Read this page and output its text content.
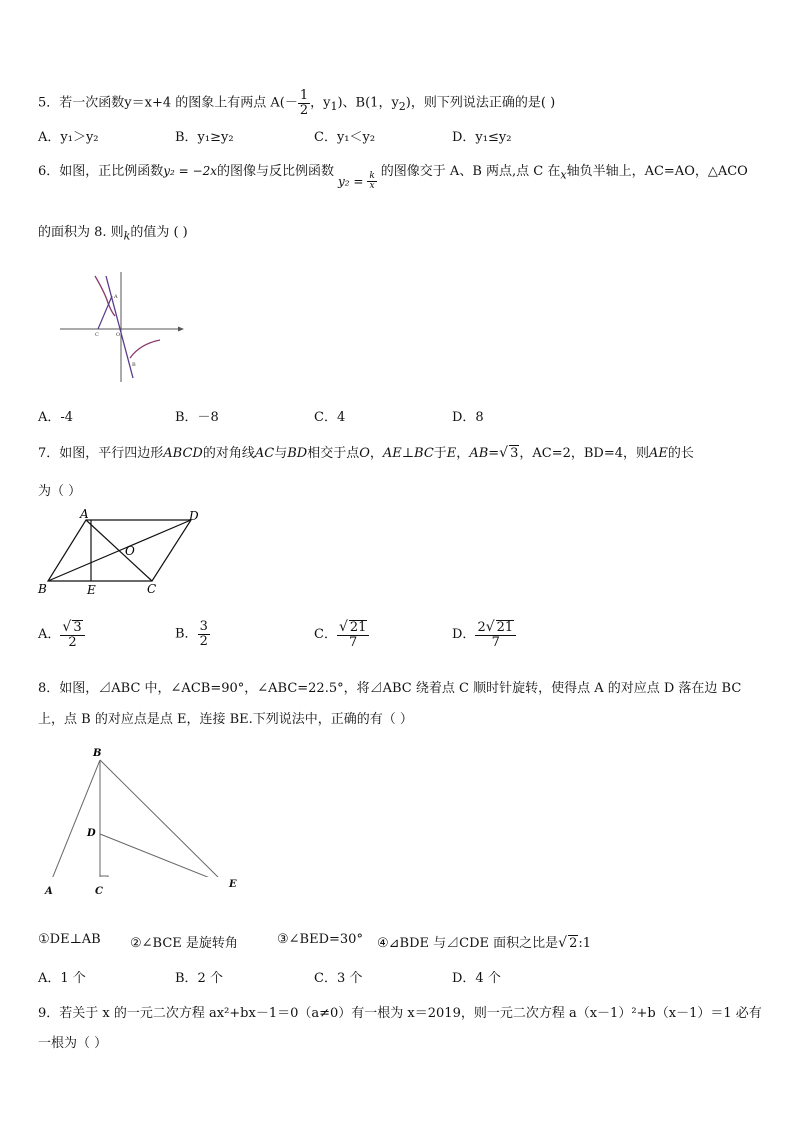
5．若一次函数y＝x+4 的图象上有两点 $A(- \frac{1}{2}$ ，$y_1$)、B(1，$y_2$)，则下列说法正确的是( )
A．y₁＞y₂	B．y₁≥y₂	C．y₁＜y₂	D．y₁≤y₂
6．如图，正比例函数y₂ = −2x的图像与反比例函数$y_2 = \frac{k}{x}$
的图像交于 A、B 两点,点 C 在$_x$轴负半轴上，AC=AO，△ACO
的面积为 8. 则$_k$的值为 ( )
A
C	O
B
A．-4	B．－8	C．4	D．8
7．如图，平行四边形ABCD的对角线AC与BD相交于点O，AE⊥BC于E，AB=√ 3，AC=2，BD=4，则AE的长
为（ ）
A	D
O
B	E	C
A． $\frac{√ 3}{2}$	B． $\frac{3}{2}$	C． $\frac{√ 21}{7}$	D． $\frac{2√ 21}{7}$
8．如图，⊿ABC 中，∠ACB=90°，∠ABC=22.5°，将⊿ABC 绕着点 C 顺时针旋转，使得点 A 的对应点 D 落在边 BC
上，点 B 的对应点是点 E，连接 BE.下列说法中，正确的有（ ）
B
D
A	C
E
①DE⊥AB ②∠BCE 是旋转角	③∠BED=30° ④⊿BDE 与⊿CDE 面积之比是√ 2:1
A．1 个	B．2 个	C．3 个	D．4 个
9．若关于 x 的一元二次方程 ax²+bx－1＝0（a≠0）有一根为 x＝2019，则一元二次方程 a（x－1）²+b（x－1）＝1 必有
一根为（ ）
